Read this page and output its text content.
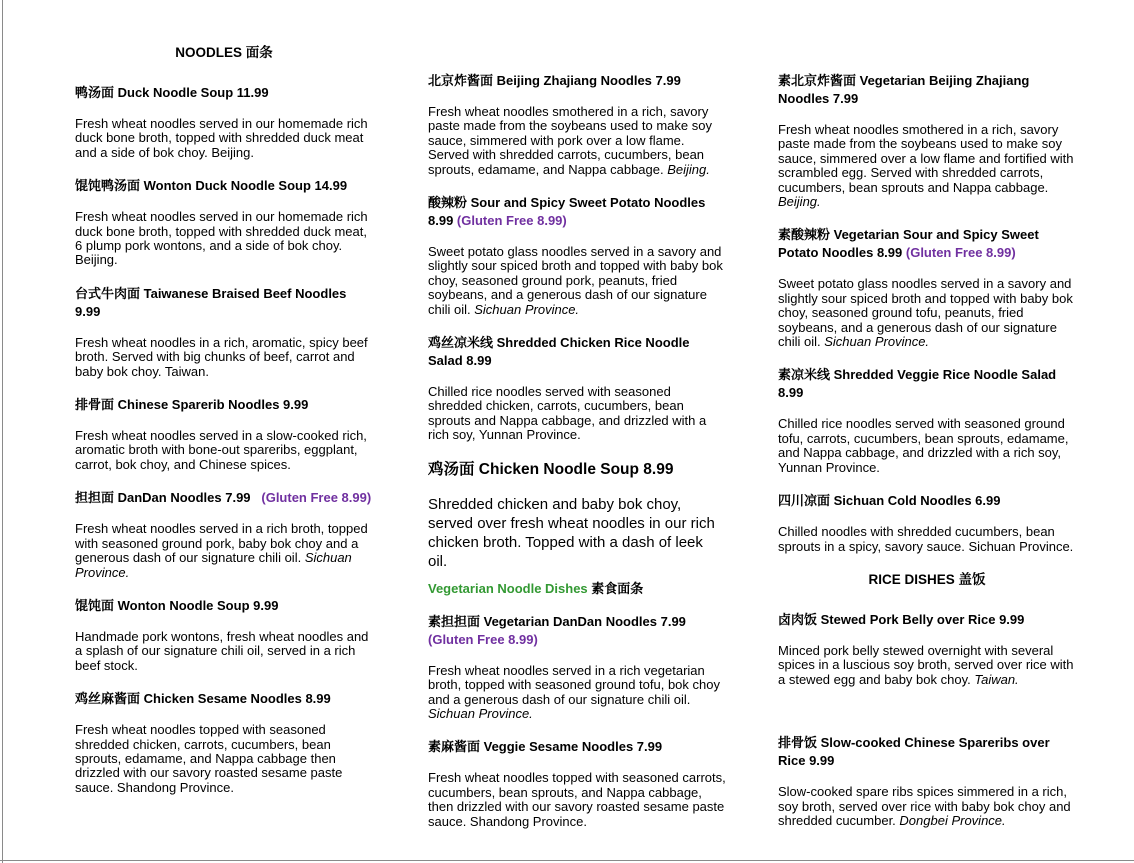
NOODLES 面条
鸭汤面 Duck Noodle Soup 11.99
Fresh wheat noodles served in our homemade rich duck bone broth, topped with shredded duck meat and a side of bok choy. Beijing.
馄饨鸭汤面 Wonton Duck Noodle Soup 14.99
Fresh wheat noodles served in our homemade rich duck bone broth, topped with shredded duck meat, 6 plump pork wontons, and a side of bok choy. Beijing.
台式牛肉面 Taiwanese Braised Beef Noodles 9.99
Fresh wheat noodles in a rich, aromatic, spicy beef broth. Served with big chunks of beef, carrot and baby bok choy. Taiwan.
排骨面 Chinese Sparerib Noodles 9.99
Fresh wheat noodles served in a slow-cooked rich, aromatic broth with bone-out spareribs, eggplant, carrot, bok choy, and Chinese spices.
担担面 DanDan Noodles 7.99   (Gluten Free 8.99)
Fresh wheat noodles served in a rich broth, topped with seasoned ground pork, baby bok choy and a generous dash of our signature chili oil. Sichuan Province.
馄饨面 Wonton Noodle Soup 9.99
Handmade pork wontons, fresh wheat noodles and a splash of our signature chili oil, served in a rich beef stock.
鸡丝麻酱面 Chicken Sesame Noodles 8.99
Fresh wheat noodles topped with seasoned shredded chicken, carrots, cucumbers, bean sprouts, edamame, and Nappa cabbage then drizzled with our savory roasted sesame paste sauce. Shandong Province.
北京炸酱面 Beijing Zhajiang Noodles 7.99
Fresh wheat noodles smothered in a rich, savory paste made from the soybeans used to make soy sauce, simmered with pork over a low flame. Served with shredded carrots, cucumbers, bean sprouts, edamame, and Nappa cabbage. Beijing.
酸辣粉 Sour and Spicy Sweet Potato Noodles 8.99 (Gluten Free 8.99)
Sweet potato glass noodles served in a savory and slightly sour spiced broth and topped with baby bok choy, seasoned ground pork, peanuts, fried soybeans, and a generous dash of our signature chili oil. Sichuan Province.
鸡丝凉米线 Shredded Chicken Rice Noodle Salad 8.99
Chilled rice noodles served with seasoned shredded chicken, carrots, cucumbers, bean sprouts and Nappa cabbage, and drizzled with a rich soy, Yunnan Province.
鸡汤面 Chicken Noodle Soup 8.99
Shredded chicken and baby bok choy, served over fresh wheat noodles in our rich chicken broth. Topped with a dash of leek oil.
Vegetarian Noodle Dishes 素食面条
素担担面 Vegetarian DanDan Noodles 7.99 (Gluten Free 8.99)
Fresh wheat noodles served in a rich vegetarian broth, topped with seasoned ground tofu, bok choy and a generous dash of our signature chili oil. Sichuan Province.
素麻酱面 Veggie Sesame Noodles 7.99
Fresh wheat noodles topped with seasoned carrots, cucumbers, bean sprouts, and Nappa cabbage, then drizzled with our savory roasted sesame paste sauce. Shandong Province.
素北京炸酱面 Vegetarian Beijing Zhajiang Noodles 7.99
Fresh wheat noodles smothered in a rich, savory paste made from the soybeans used to make soy sauce, simmered over a low flame and fortified with scrambled egg. Served with shredded carrots, cucumbers, bean sprouts and Nappa cabbage. Beijing.
素酸辣粉 Vegetarian Sour and Spicy Sweet Potato Noodles 8.99 (Gluten Free 8.99)
Sweet potato glass noodles served in a savory and slightly sour spiced broth and topped with baby bok choy, seasoned ground tofu, peanuts, fried soybeans, and a generous dash of our signature chili oil. Sichuan Province.
素凉米线 Shredded Veggie Rice Noodle Salad 8.99
Chilled rice noodles served with seasoned ground tofu, carrots, cucumbers, bean sprouts, edamame, and Nappa cabbage, and drizzled with a rich soy, Yunnan Province.
四川凉面 Sichuan Cold Noodles 6.99
Chilled noodles with shredded cucumbers, bean sprouts in a spicy, savory sauce. Sichuan Province.
RICE DISHES 盖饭
卤肉饭 Stewed Pork Belly over Rice 9.99
Minced pork belly stewed overnight with several spices in a luscious soy broth, served over rice with a stewed egg and baby bok choy. Taiwan.
排骨饭 Slow-cooked Chinese Spareribs over Rice 9.99
Slow-cooked spare ribs spices simmered in a rich, soy broth, served over rice with baby bok choy and shredded cucumber. Dongbei Province.
